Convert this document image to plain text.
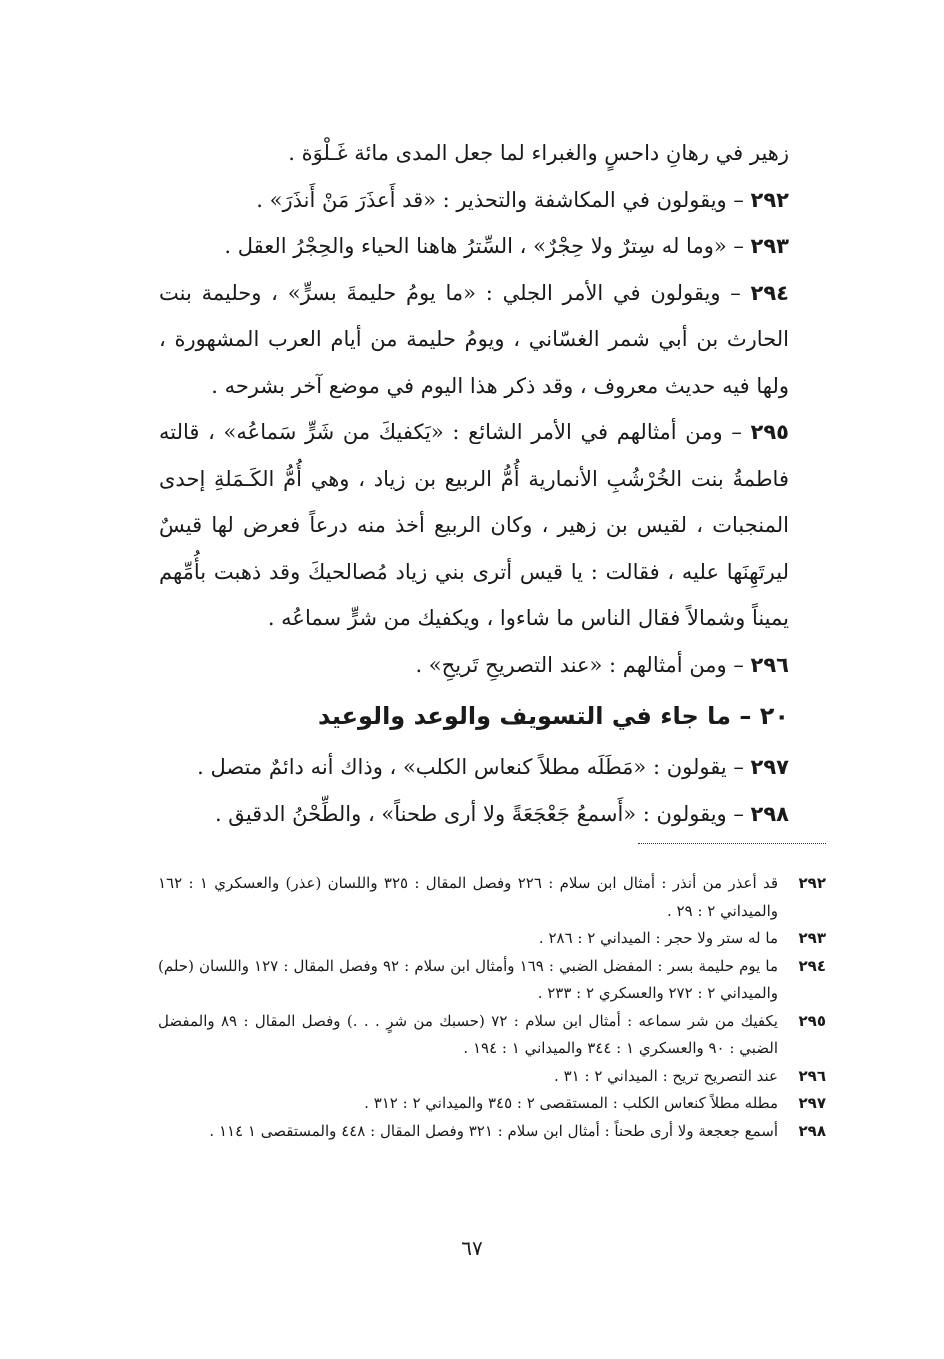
زهير في رهانِ داحسٍ والغبراء لما جعل المدى مائة غَـلْوَة .

٢٩٢ – ويقولون في المكاشفة والتحذير : «قد أَعذَرَ مَنْ أَنذَرَ» .

٢٩٣ – «وما له سِترٌ ولا حِجْرٌ» ، السِّترُ هاهنا الحياء والحِجْرُ العقل .

٢٩٤ – ويقولون في الأمر الجلي : «ما يومُ حليمةَ بسرٍّ» ، وحليمة بنت الحارث بن أبي شمر الغسّاني ، ويومُ حليمة من أيام العرب المشهورة ، ولها فيه حديث معروف ، وقد ذكر هذا اليوم في موضع آخر بشرحه .

٢٩٥ – ومن أمثالهم في الأمر الشائع : «يَكفيكَ من شَرٍّ سَماعُه» ، قالته فاطمةُ بنت الخُرْشُبِ الأنمارية أُمُّ الربيع بن زياد ، وهي أُمُّ الكَـمَلةِ إحدى المنجبات ، لقيس بن زهير ، وكان الربيع أخذ منه درعاً فعرض لها قيسٌ ليرتَهِنَها عليه ، فقالت : يا قيس أترى بني زياد مُصالحيكَ وقد ذهبت بأُمِّهم يميناً وشمالاً فقال الناس ما شاءوا ، ويكفيك من شرٍّ سماعُه .

٢٩٦ – ومن أمثالهم : «عند التصريحِ تَريحِ» .

٢٠ – ما جاء في التسويف والوعد والوعيد

٢٩٧ – يقولون : «مَطَلَه مطلاً كنعاس الكلب» ، وذاك أنه دائمٌ متصل .

٢٩٨ – ويقولون : «أَسمعُ جَعْجَعَةً ولا أرى طحناً» ، والطِّحْنُ الدقيق .

٢٩٢
قد أعذر من أنذر : أمثال ابن سلام : ٢٢٦ وفصل المقال : ٣٢٥ واللسان (عذر) والعسكري ١ : ١٦٢ والميداني ٢ : ٢٩ .
٢٩٣
ما له ستر ولا حجر : الميداني ٢ : ٢٨٦ .
٢٩٤
ما يوم حليمة بسر : المفضل الضبي : ١٦٩ وأمثال ابن سلام : ٩٢ وفصل المقال : ١٢٧ واللسان (حلم) والميداني ٢ : ٢٧٢ والعسكري ٢ : ٢٣٣ .
٢٩٥
يكفيك من شر سماعه : أمثال ابن سلام : ٧٢ (حسبك من شرٍ . . .) وفصل المقال : ٨٩ والمفضل الضبي : ٩٠ والعسكري ١ : ٣٤٤ والميداني ١ : ١٩٤ .
٢٩٦
عند التصريح تريح : الميداني ٢ : ٣١ .
٢٩٧
مطله مطلاً كنعاس الكلب : المستقصى ٢ : ٣٤٥ والميداني ٢ : ٣١٢ .
٢٩٨
أسمع جعجعة ولا أرى طحناً : أمثال ابن سلام : ٣٢١ وفصل المقال : ٤٤٨ والمستقصى ١ ١١٤ .
٦٧
